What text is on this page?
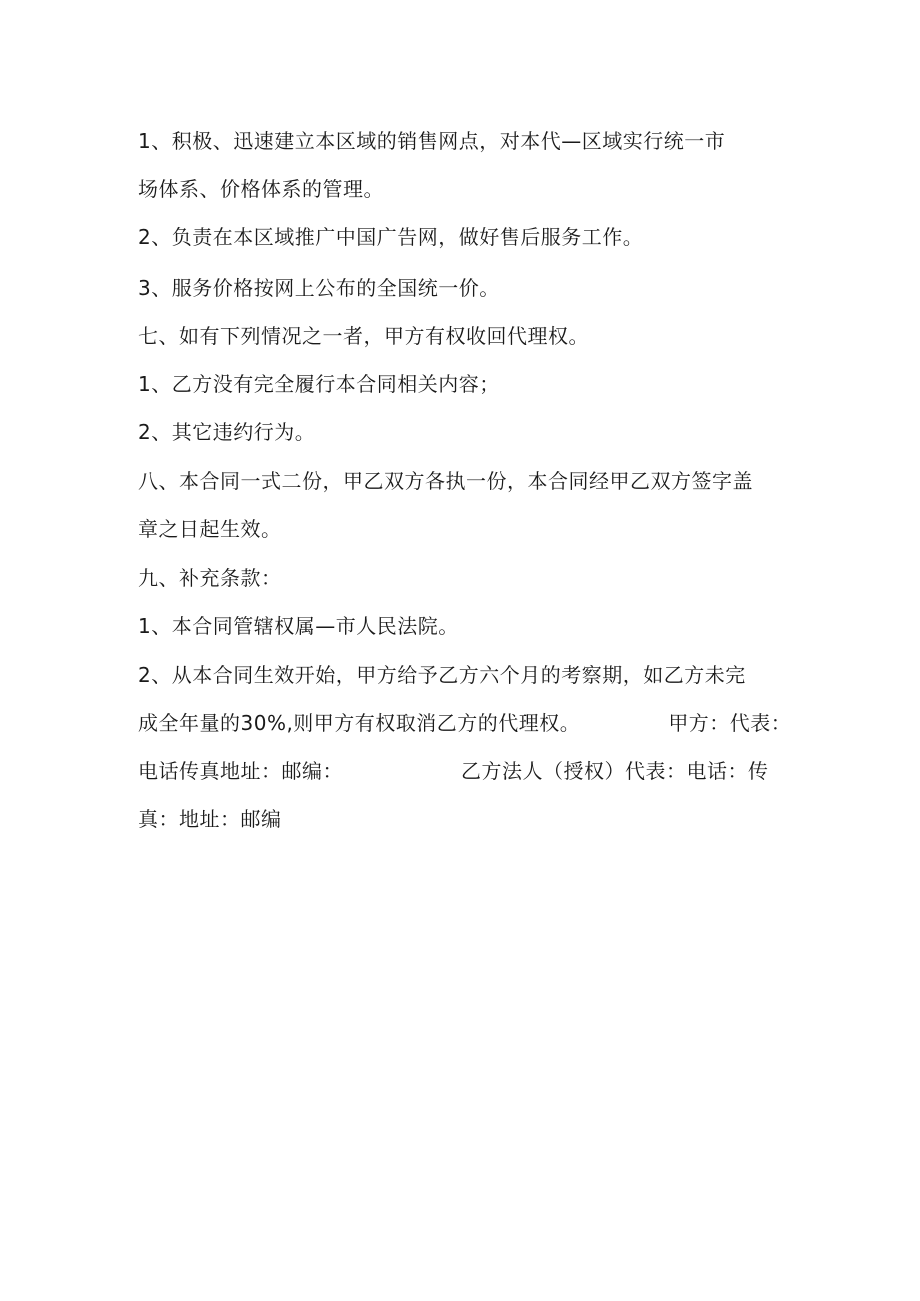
1、积极、迅速建立本区域的销售网点，对本代—区域实行统一市
场体系、价格体系的管理。
2、负责在本区域推广中国广告网，做好售后服务工作。
3、服务价格按网上公布的全国统一价。
七、如有下列情况之一者，甲方有权收回代理权。
1、乙方没有完全履行本合同相关内容；
2、其它违约行为。
八、本合同一式二份，甲乙双方各执一份，本合同经甲乙双方签字盖
章之日起生效。
九、补充条款：
1、本合同管辖权属—市人民法院。
2、从本合同生效开始，甲方给予乙方六个月的考察期，如乙方未完
成全年量的30%,则甲方有权取消乙方的代理权。	甲方：代表：
电话传真地址：邮编：	乙方法人（授权）代表：电话：传
真：地址：邮编
